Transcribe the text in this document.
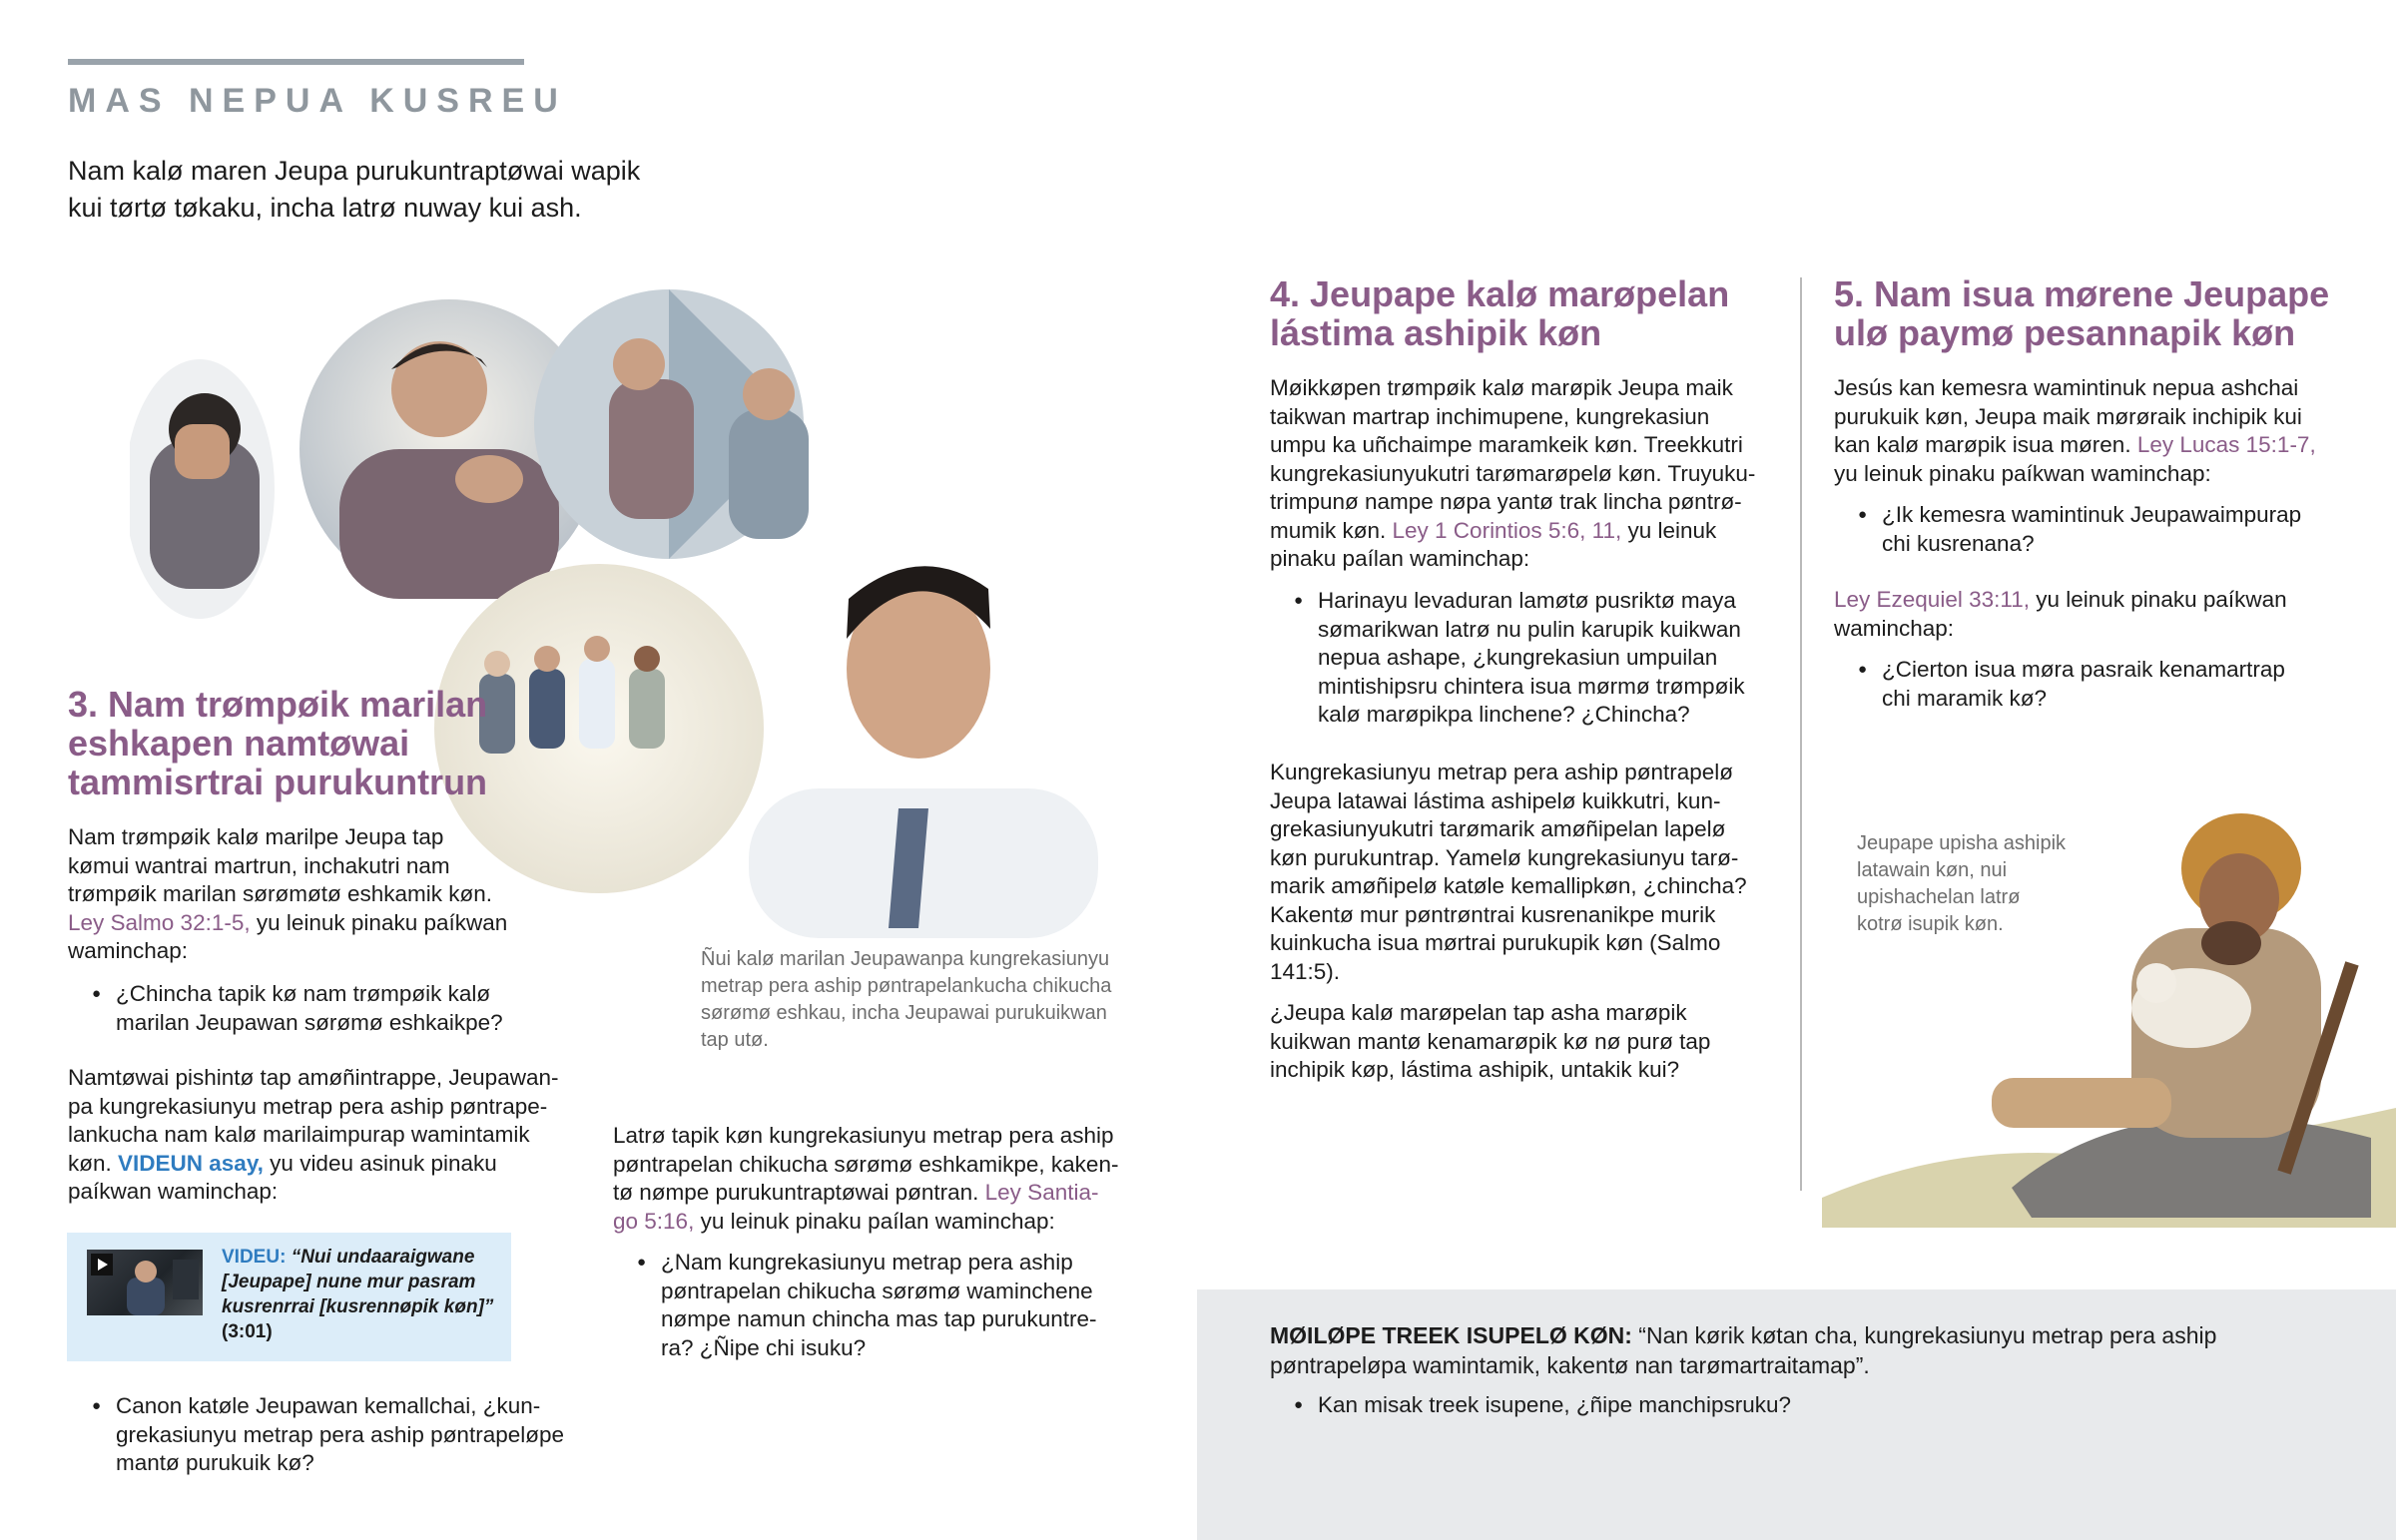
MAS NEPUA KUSREU

Nam kalø maren Jeupa purukuntraptøwai wapik
kui tørtø tøkaku, incha latrø nuway kui ash.

3. Nam trømpøik marilan
eshkapen namtøwai
tammisrtrai purukuntrun

Nam trømpøik kalø marilpe Jeupa tap
kømui wantrai martrun, inchakutri nam
trømpøik marilan sørømøtø eshkamik køn.
Ley Salmo 32:1-5, yu leinuk pinaku paíkwan
waminchap:

● ¿Chincha tapik kø nam trømpøik kalø
marilan Jeupawan sørømø eshkaikpe?

Namtøwai pishintø tap amøñintrappe, Jeupawan-
pa kungrekasiunyu metrap pera aship pøntrape-
lankucha nam kalø marilaimpurap wamintamik
køn. VIDEUN asay, yu videu asinuk pinaku
paíkwan waminchap:

VIDEU: “Nui undaaraigwane
[Jeupape] nune mur pasram
kusrenrrai [kusrennøpik køn]”
(3:01)
● Canon katøle Jeupawan kemallchai, ¿kun-
grekasiunyu metrap pera aship pøntrapeløpe
mantø purukuik kø?

Ñui kalø marilan Jeupawanpa kungrekasiunyu
metrap pera aship pøntrapelankucha chikucha
sørømø eshkau, incha Jeupawai purukuikwan
tap utø.

Latrø tapik køn kungrekasiunyu metrap pera aship
pøntrapelan chikucha sørømø eshkamikpe, kaken-
tø nømpe purukuntraptøwai pøntran. Ley Santia-
go 5:16, yu leinuk pinaku paílan waminchap:

● ¿Nam kungrekasiunyu metrap pera aship
pøntrapelan chikucha sørømø waminchene
nømpe namun chincha mas tap purukuntre-
ra? ¿Ñipe chi isuku?
4. Jeupape kalø marøpelan
lástima ashipik køn

Møikkøpen trømpøik kalø marøpik Jeupa maik
taikwan martrap inchimupene, kungrekasiun
umpu ka uñchaimpe maramkeik køn. Treekkutri
kungrekasiunyukutri tarømarøpelø køn. Truyuku-
trimpunø nampe nøpa yantø trak lincha pøntrø-
mumik køn. Ley 1 Corintios 5:6, 11, yu leinuk
pinaku paílan waminchap:

● Harinayu levaduran lamøtø pusriktø maya
sømarikwan latrø nu pulin karupik kuikwan
nepua ashape, ¿kungrekasiun umpuilan
mintishipsru chintera isua mørmø trømpøik
kalø marøpikpa linchene? ¿Chincha?

Kungrekasiunyu metrap pera aship pøntrapelø
Jeupa latawai lástima ashipelø kuikkutri, kun-
grekasiunyukutri tarømarik amøñipelan lapelø
køn purukuntrap. Yamelø kungrekasiunyu tarø-
marik amøñipelø katøle kemallipkøn, ¿chincha?
Kakentø mur pøntrøntrai kusrenanikpe murik
kuinkucha isua mørtrai purukupik køn (Salmo
141:5).

¿Jeupa kalø marøpelan tap asha marøpik
kuikwan mantø kenamarøpik kø nø purø tap
inchipik køp, lástima ashipik, untakik kui?

5. Nam isua mørene Jeupape
ulø paymø pesannapik køn

Jesús kan kemesra wamintinuk nepua ashchai
purukuik køn, Jeupa maik mørøraik inchipik kui
kan kalø marøpik isua møren. Ley Lucas 15:1-7,
yu leinuk pinaku paíkwan waminchap:

● ¿Ik kemesra wamintinuk Jeupawaimpurap
chi kusrenana?

Ley Ezequiel 33:11, yu leinuk pinaku paíkwan
waminchap:

● ¿Cierton isua møra pasraik kenamartrap
chi maramik kø?

Jeupape upisha ashipik
latawain køn, nui
upishachelan latrø
kotrø isupik køn.

MØILØPE TREEK ISUPELØ KØN: “Nan kørik køtan cha, kungrekasiunyu metrap pera aship
pøntrapeløpa wamintamik, kakentø nan tarømartraitamap”.

● Kan misak treek isupene, ¿ñipe manchipsruku?
